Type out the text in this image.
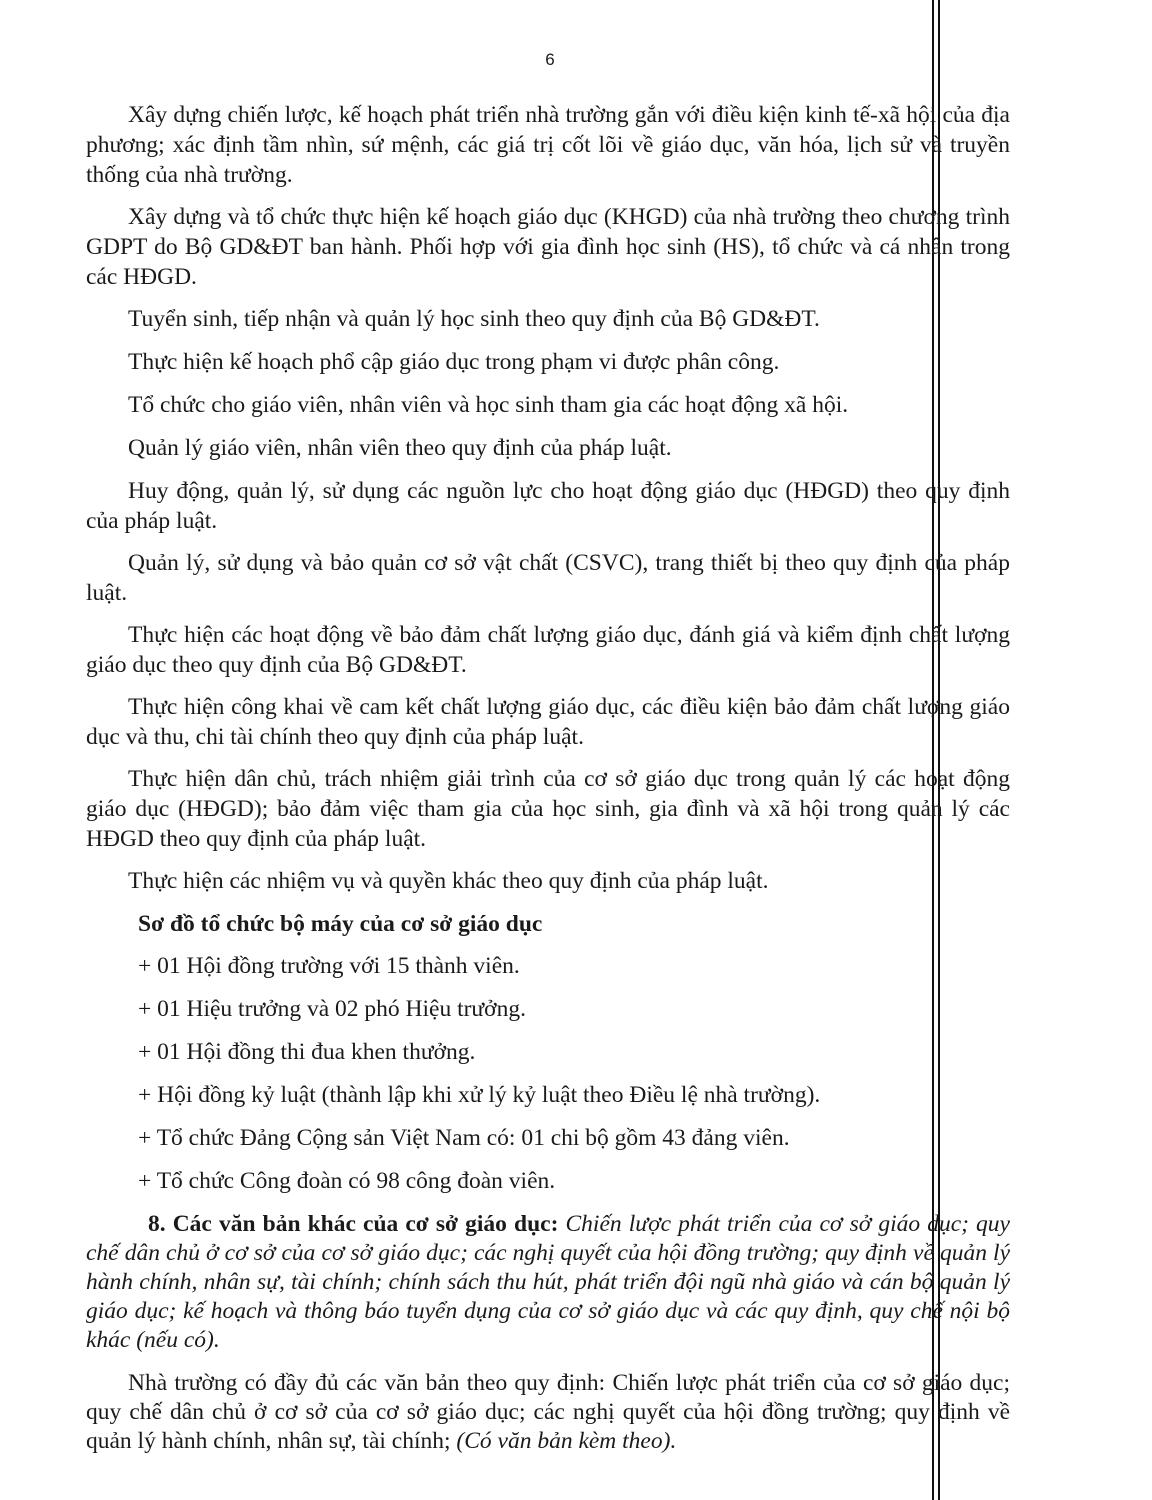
6

Xây dựng chiến lược, kế hoạch phát triển nhà trường gắn với điều kiện kinh tế-xã hội của địa phương; xác định tầm nhìn, sứ mệnh, các giá trị cốt lõi về giáo dục, văn hóa, lịch sử và truyền thống của nhà trường.

Xây dựng và tổ chức thực hiện kế hoạch giáo dục (KHGD) của nhà trường theo chương trình GDPT do Bộ GD&ĐT ban hành. Phối hợp với gia đình học sinh (HS), tổ chức và cá nhân trong các HĐGD.

Tuyển sinh, tiếp nhận và quản lý học sinh theo quy định của Bộ GD&ĐT.

Thực hiện kế hoạch phổ cập giáo dục trong phạm vi được phân công.

Tổ chức cho giáo viên, nhân viên và học sinh tham gia các hoạt động xã hội.

Quản lý giáo viên, nhân viên theo quy định của pháp luật.

Huy động, quản lý, sử dụng các nguồn lực cho hoạt động giáo dục (HĐGD) theo quy định của pháp luật.

Quản lý, sử dụng và bảo quản cơ sở vật chất (CSVC), trang thiết bị theo quy định của pháp luật.

Thực hiện các hoạt động về bảo đảm chất lượng giáo dục, đánh giá và kiểm định chất lượng giáo dục theo quy định của Bộ GD&ĐT.

Thực hiện công khai về cam kết chất lượng giáo dục, các điều kiện bảo đảm chất lượng giáo dục và thu, chi tài chính theo quy định của pháp luật.

Thực hiện dân chủ, trách nhiệm giải trình của cơ sở giáo dục trong quản lý các hoạt động giáo dục (HĐGD); bảo đảm việc tham gia của học sinh, gia đình và xã hội trong quản lý các HĐGD theo quy định của pháp luật.

Thực hiện các nhiệm vụ và quyền khác theo quy định của pháp luật.

Sơ đồ tổ chức bộ máy của cơ sở giáo dục
+ 01 Hội đồng trường với 15 thành viên.
+ 01 Hiệu trưởng và 02 phó Hiệu trưởng.
+ 01 Hội đồng thi đua khen thưởng.
+ Hội đồng kỷ luật (thành lập khi xử lý kỷ luật theo Điều lệ nhà trường).
+ Tổ chức Đảng Cộng sản Việt Nam có: 01 chi bộ gồm 43 đảng viên.
+ Tổ chức Công đoàn có 98 công đoàn viên.

8. Các văn bản khác của cơ sở giáo dục: Chiến lược phát triển của cơ sở giáo dục; quy chế dân chủ ở cơ sở của cơ sở giáo dục; các nghị quyết của hội đồng trường; quy định về quản lý hành chính, nhân sự, tài chính; chính sách thu hút, phát triển đội ngũ nhà giáo và cán bộ quản lý giáo dục; kế hoạch và thông báo tuyển dụng của cơ sở giáo dục và các quy định, quy chế nội bộ khác (nếu có).

Nhà trường có đầy đủ các văn bản theo quy định: Chiến lược phát triển của cơ sở giáo dục; quy chế dân chủ ở cơ sở của cơ sở giáo dục; các nghị quyết của hội đồng trường; quy định về quản lý hành chính, nhân sự, tài chính; (Có văn bản kèm theo).
